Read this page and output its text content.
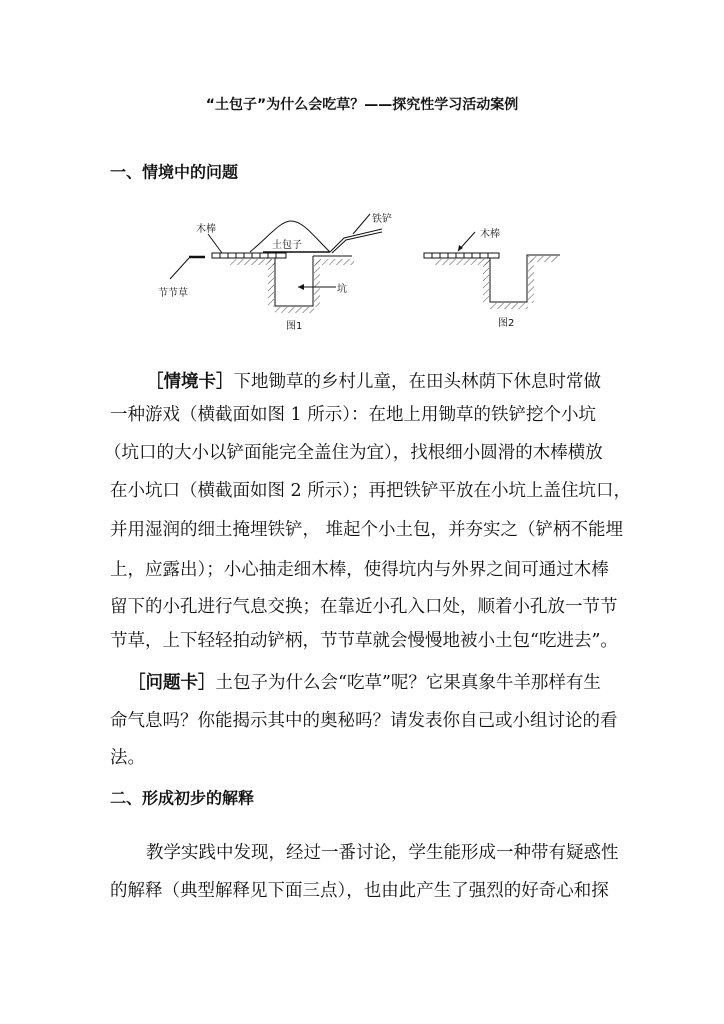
“土包子”为什么会吃草？——探究性学习活动案例
一、情境中的问题
木棒
土包子
铁铲
节节草	坑
图1
木棒
图2
［情境卡］下地锄草的乡村儿童，在田头林荫下休息时常做
一种游戏（横截面如图 1 所示）：在地上用锄草的铁铲挖个小坑
（坑口的大小以铲面能完全盖住为宜），找根细小圆滑的木棒横放
在小坑口（横截面如图 2 所示）；再把铁铲平放在小坑上盖住坑口，
并用湿润的细土掩埋铁铲， 堆起个小土包，并夯实之（铲柄不能埋
上，应露出）；小心抽走细木棒，使得坑内与外界之间可通过木棒
留下的小孔进行气息交换；在靠近小孔入口处，顺着小孔放一节节
节草，上下轻轻拍动铲柄，节节草就会慢慢地被小土包“吃进去”。
［问题卡］土包子为什么会“吃草”呢？它果真象牛羊那样有生
命气息吗？你能揭示其中的奥秘吗？请发表你自己或小组讨论的看
法。
二、形成初步的解释
教学实践中发现，经过一番讨论，学生能形成一种带有疑惑性
的解释（典型解释见下面三点），也由此产生了强烈的好奇心和探
